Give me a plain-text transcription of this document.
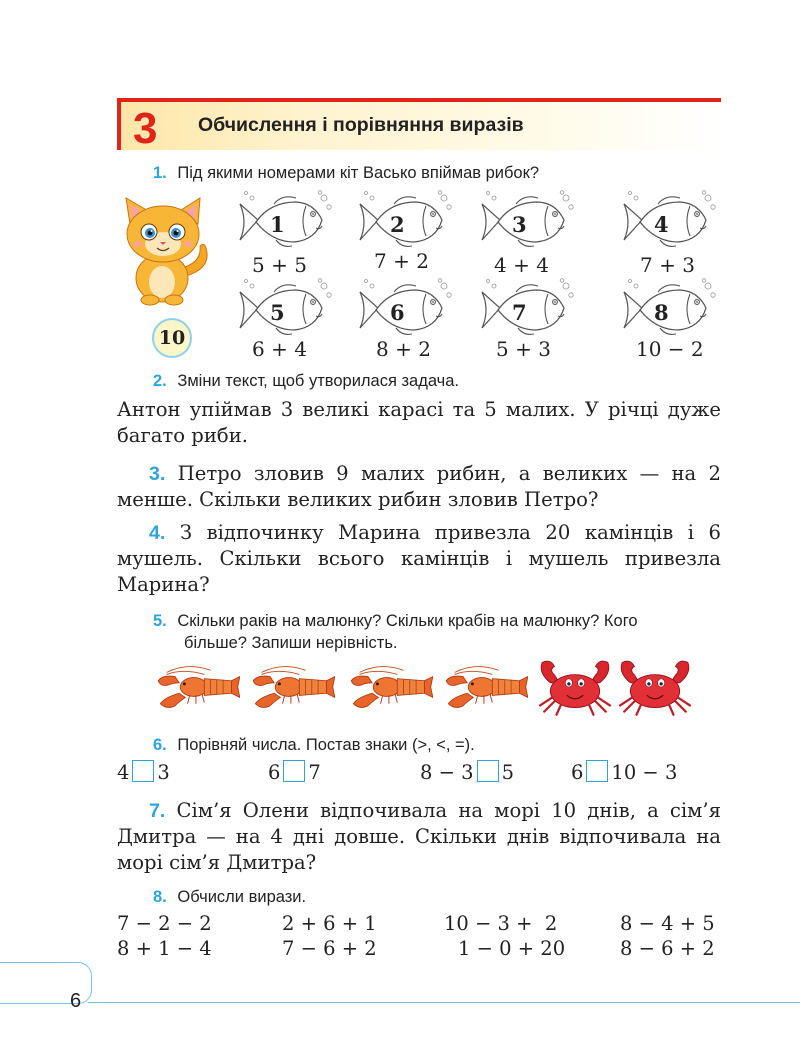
3 Обчислення і порівняння виразів
1. Під якими номерами кіт Васько впіймав рибок?
10
1
5 + 5
2
7 + 2
3
4 + 4
4
7 + 3
5
6 + 4
6
8 + 2
7
5 + 3
8
10 − 2
2. Зміни текст, щоб утворилася задача.
Антон упіймав 3 великі карасі та 5 малих. У річці дуже багато риби.
3. Петро зловив 9 малих рибин, а великих — на 2 менше. Скільки великих рибин зловив Петро?
4. З відпочинку Марина привезла 20 камінців і 6 мушель. Скільки всього камінців і мушель привезла Марина?
5. Скільки раків на малюнку? Скільки крабів на малюнку? Кого
більше? Запиши нерівність.
6. Порівняй числа. Постав знаки (>, <, =).
4 3	6 7	8 − 3 5	6 10 − 3
7. Сім’я Олени відпочивала на морі 10 днів, а сім’я Дмитра — на 4 дні довше. Скільки днів відпочивала на морі сім’я Дмитра?
8. Обчисли вирази.
7 − 2 − 2	2 + 6 + 1	10 − 3 +  2	8 − 4 + 5
8 + 1 − 4	7 − 6 + 2	1 − 0 + 20	8 − 6 + 2
6
